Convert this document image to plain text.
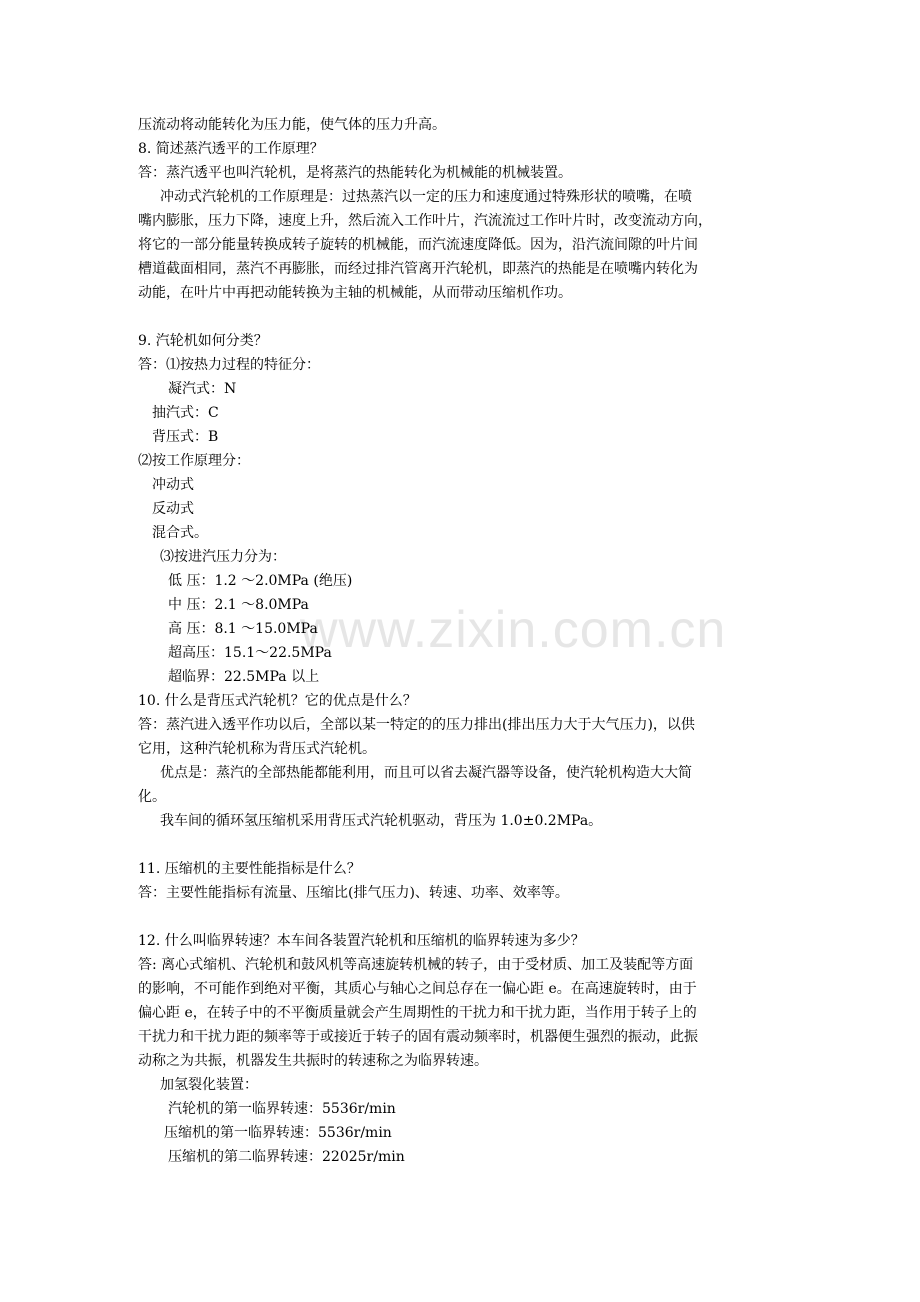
www.zixin.com.cn
压流动将动能转化为压力能，使气体的压力升高。
8. 简述蒸汽透平的工作原理？
答：蒸汽透平也叫汽轮机，是将蒸汽的热能转化为机械能的机械装置。
冲动式汽轮机的工作原理是：过热蒸汽以一定的压力和速度通过特殊形状的喷嘴，在喷
嘴内膨胀，压力下降，速度上升，然后流入工作叶片，汽流流过工作叶片时，改变流动方向，
将它的一部分能量转换成转子旋转的机械能，而汽流速度降低。因为，沿汽流间隙的叶片间
槽道截面相同，蒸汽不再膨胀，而经过排汽管离开汽轮机，即蒸汽的热能是在喷嘴内转化为
动能，在叶片中再把动能转换为主轴的机械能，从而带动压缩机作功。
9. 汽轮机如何分类？
答：⑴按热力过程的特征分：
凝汽式：N
抽汽式：C
背压式：B
⑵按工作原理分：
冲动式
反动式
混合式。
⑶按进汽压力分为：
低 压：1.2 ～2.0MPa (绝压)
中 压：2.1 ～8.0MPa
高 压：8.1 ～15.0MPa
超高压：15.1～22.5MPa
超临界：22.5MPa 以上
10. 什么是背压式汽轮机？它的优点是什么？
答：蒸汽进入透平作功以后，全部以某一特定的的压力排出(排出压力大于大气压力)，以供
它用，这种汽轮机称为背压式汽轮机。
优点是：蒸汽的全部热能都能利用，而且可以省去凝汽器等设备，使汽轮机构造大大简
化。
我车间的循环氢压缩机采用背压式汽轮机驱动，背压为 1.0±0.2MPa。
11. 压缩机的主要性能指标是什么？
答：主要性能指标有流量、压缩比(排气压力)、转速、功率、效率等。
12. 什么叫临界转速？本车间各装置汽轮机和压缩机的临界转速为多少？
答: 离心式缩机、汽轮机和鼓风机等高速旋转机械的转子，由于受材质、加工及装配等方面
的影响，不可能作到绝对平衡，其质心与轴心之间总存在一偏心距 e。在高速旋转时，由于
偏心距 e，在转子中的不平衡质量就会产生周期性的干扰力和干扰力距，当作用于转子上的
干扰力和干扰力距的频率等于或接近于转子的固有震动频率时，机器便生强烈的振动，此振
动称之为共振，机器发生共振时的转速称之为临界转速。
加氢裂化装置：
汽轮机的第一临界转速：5536r/min
压缩机的第一临界转速：5536r/min
压缩机的第二临界转速：22025r/min
